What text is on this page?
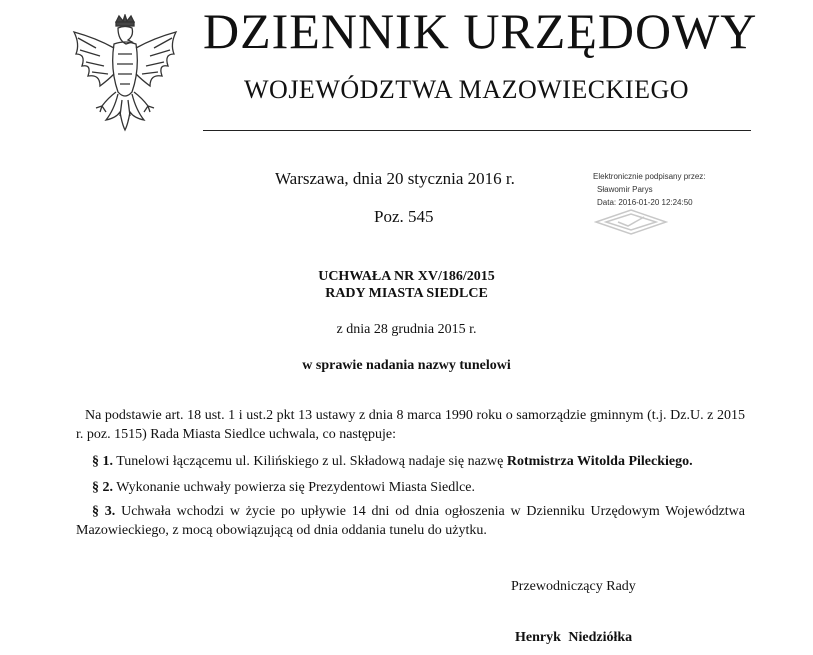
DZIENNIK URZĘDOWY
WOJEWÓDZTWA MAZOWIECKIEGO
Warszawa, dnia 20 stycznia 2016 r.
Poz. 545
Elektronicznie podpisany przez:
Sławomir Parys
Data: 2016-01-20 12:24:50
UCHWAŁA NR XV/186/2015
RADY MIASTA SIEDLCE
z dnia 28 grudnia 2015 r.
w sprawie nadania nazwy tunelowi
Na podstawie art. 18 ust. 1 i ust.2 pkt 13 ustawy z dnia 8 marca 1990 roku o samorządzie gminnym (t.j. Dz.U. z 2015 r. poz. 1515) Rada Miasta Siedlce uchwala, co następuje:
§ 1. Tunelowi łączącemu ul. Kilińskiego z ul. Składową nadaje się nazwę Rotmistrza Witolda Pileckiego.
§ 2. Wykonanie uchwały powierza się Prezydentowi Miasta Siedlce.
§ 3. Uchwała wchodzi w życie po upływie 14 dni od dnia ogłoszenia w Dzienniku Urzędowym Województwa Mazowieckiego, z mocą obowiązującą od dnia oddania tunelu do użytku.
Przewodniczący Rady
Henryk Niedziółka
